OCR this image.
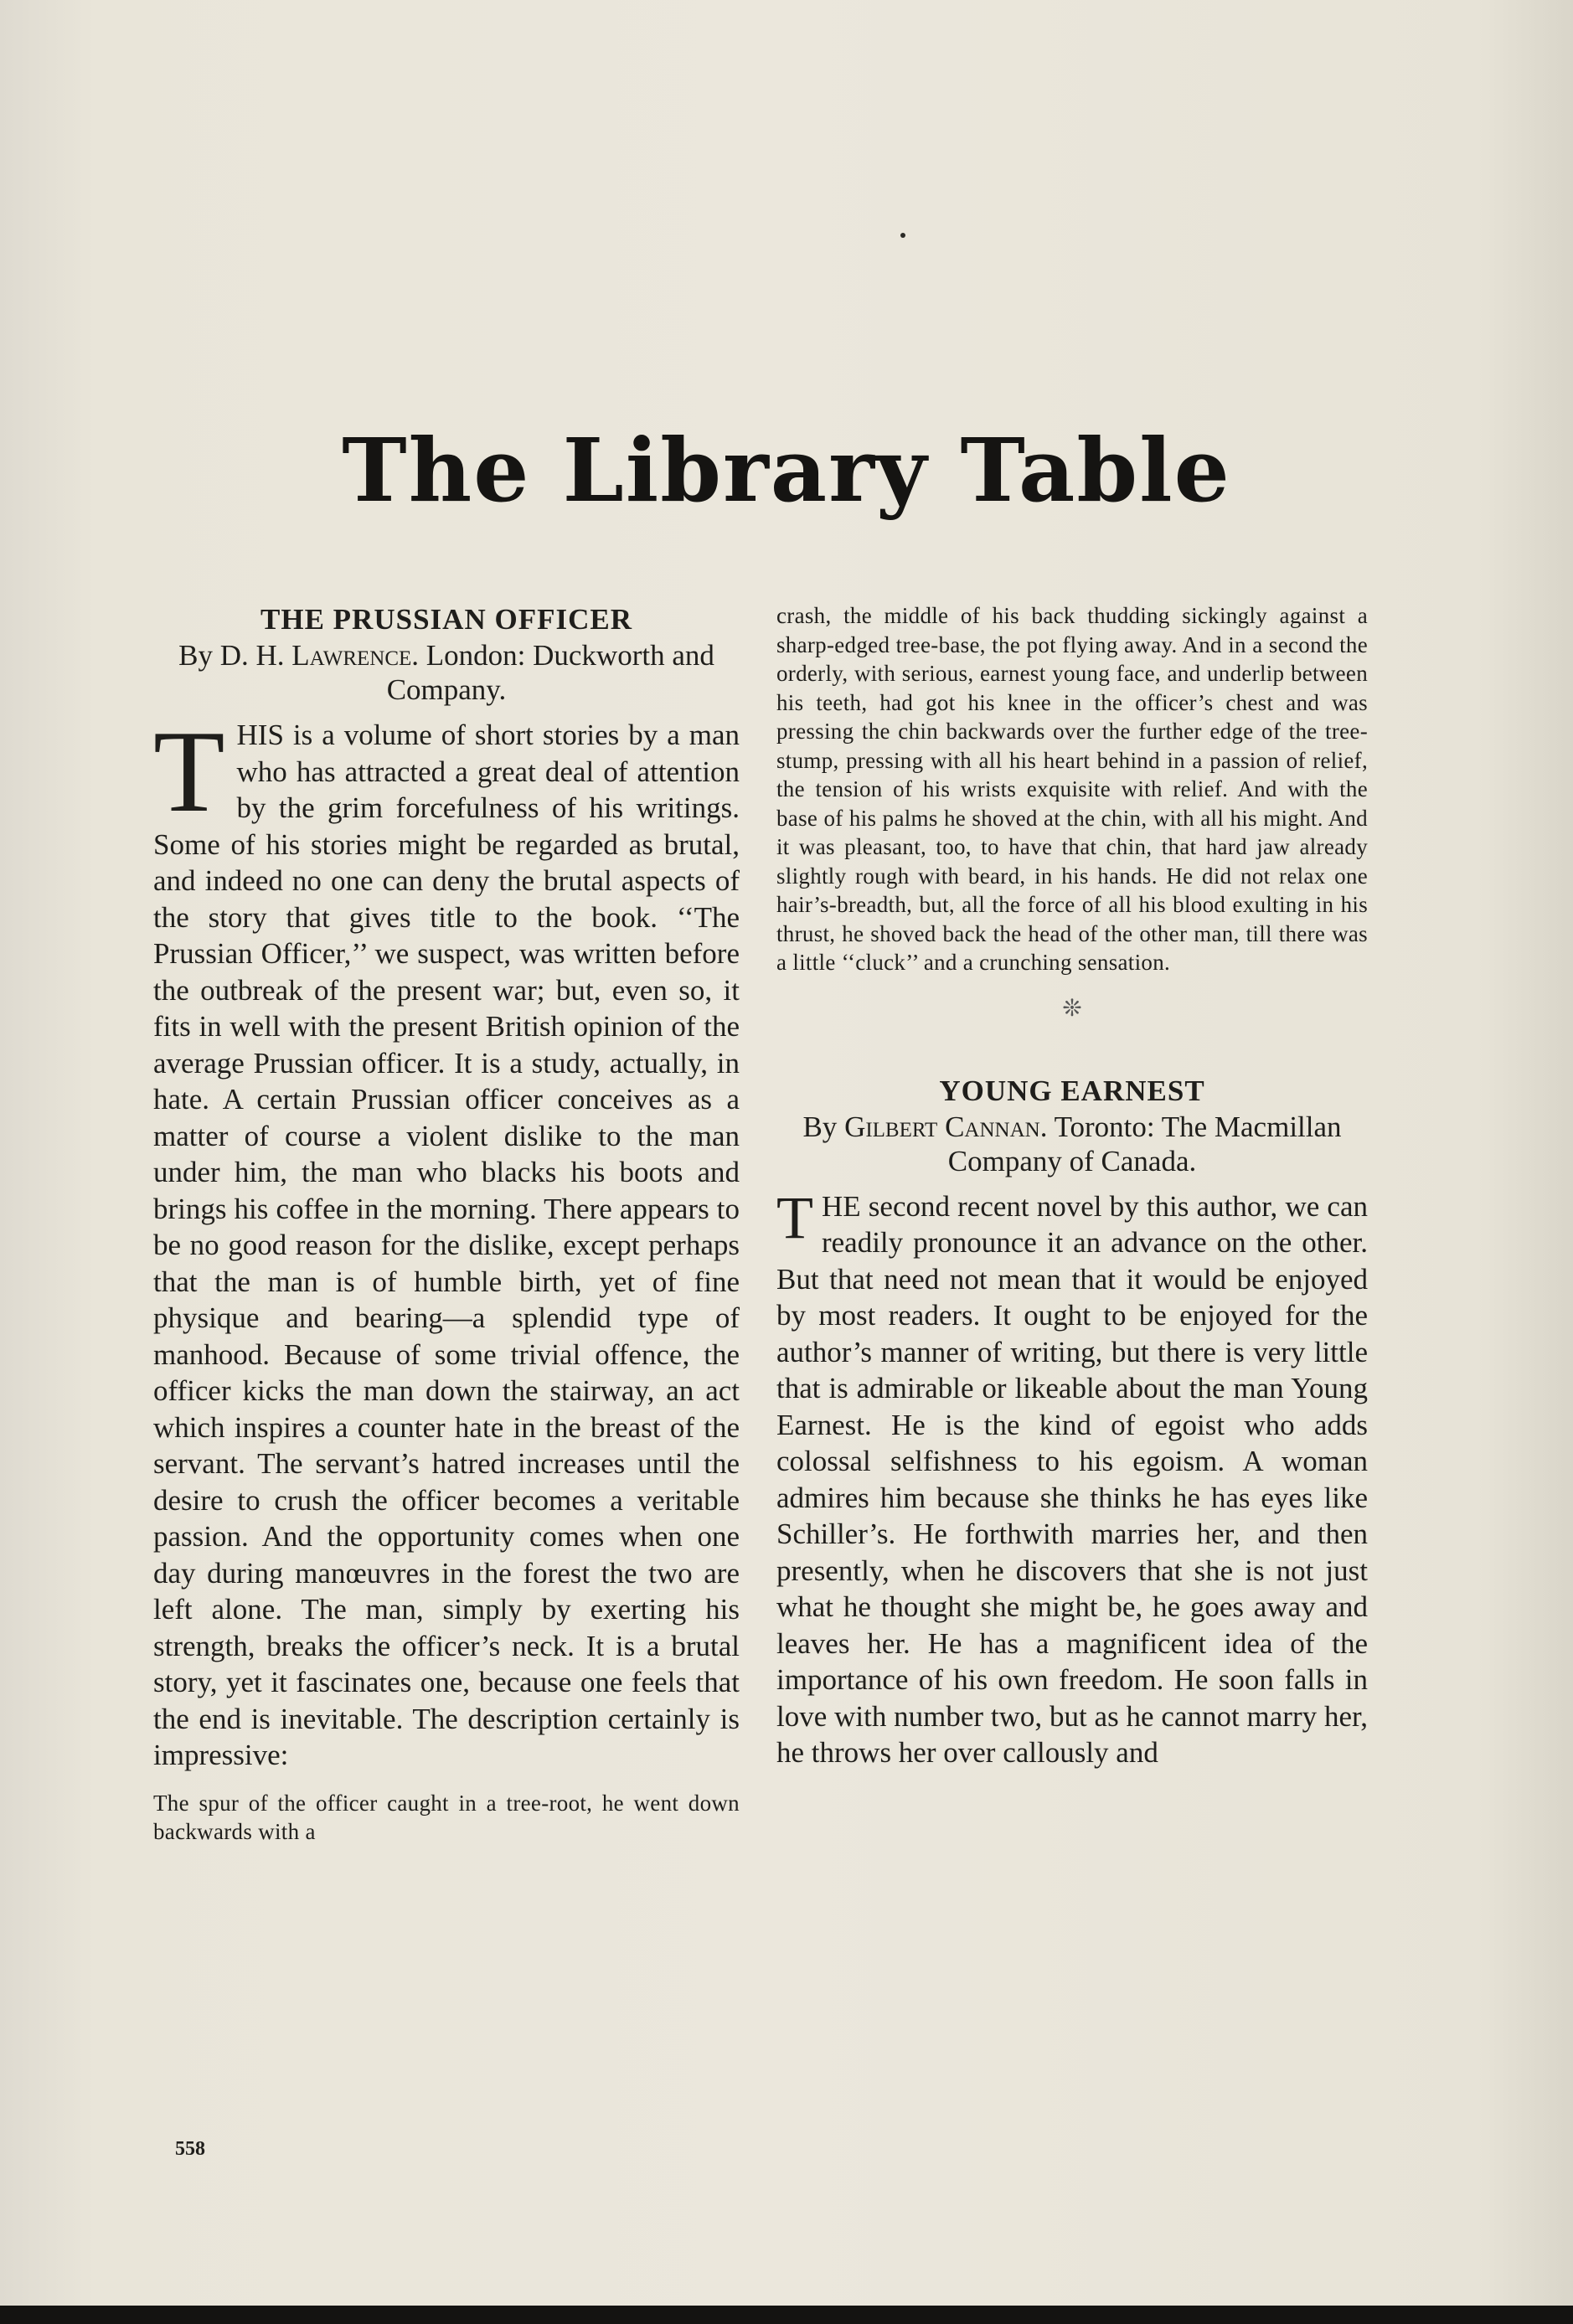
The Library Table
THE PRUSSIAN OFFICER

By D. H. Lawrence. London: Duckworth and Company.

THIS is a volume of short stories by a man who has attracted a great deal of attention by the grim forcefulness of his writings. Some of his stories might be regarded as brutal, and indeed no one can deny the brutal aspects of the story that gives title to the book. ‘‘The Prussian Officer,’’ we suspect, was written before the outbreak of the present war; but, even so, it fits in well with the present British opinion of the average Prussian officer. It is a study, actually, in hate. A certain Prussian officer conceives as a matter of course a violent dislike to the man under him, the man who blacks his boots and brings his coffee in the morning. There appears to be no good reason for the dislike, except perhaps that the man is of humble birth, yet of fine physique and bearing—a splendid type of manhood. Because of some trivial offence, the officer kicks the man down the stairway, an act which inspires a counter hate in the breast of the servant. The servant’s hatred increases until the desire to crush the officer becomes a veritable passion. And the opportunity comes when one day during manœuvres in the forest the two are left alone. The man, simply by exerting his strength, breaks the officer’s neck. It is a brutal story, yet it fascinates one, because one feels that the end is inevitable. The description certainly is impressive:

The spur of the officer caught in a tree-root, he went down backwards with a

crash, the middle of his back thudding sickingly against a sharp-edged tree-base, the pot flying away. And in a second the orderly, with serious, earnest young face, and underlip between his teeth, had got his knee in the officer’s chest and was pressing the chin backwards over the further edge of the tree-stump, pressing with all his heart behind in a passion of relief, the tension of his wrists exquisite with relief. And with the base of his palms he shoved at the chin, with all his might. And it was pleasant, too, to have that chin, that hard jaw already slightly rough with beard, in his hands. He did not relax one hair’s-breadth, but, all the force of all his blood exulting in his thrust, he shoved back the head of the other man, till there was a little ‘‘cluck’’ and a crunching sensation.

❊
YOUNG EARNEST

By Gilbert Cannan. Toronto: The Macmillan Company of Canada.

THE second recent novel by this author, we can readily pronounce it an advance on the other. But that need not mean that it would be enjoyed by most readers. It ought to be enjoyed for the author’s manner of writing, but there is very little that is admirable or likeable about the man Young Earnest. He is the kind of egoist who adds colossal selfishness to his egoism. A woman admires him because she thinks he has eyes like Schiller’s. He forthwith marries her, and then presently, when he discovers that she is not just what he thought she might be, he goes away and leaves her. He has a magnificent idea of the importance of his own freedom. He soon falls in love with number two, but as he cannot marry her, he throws her over callously and

558
